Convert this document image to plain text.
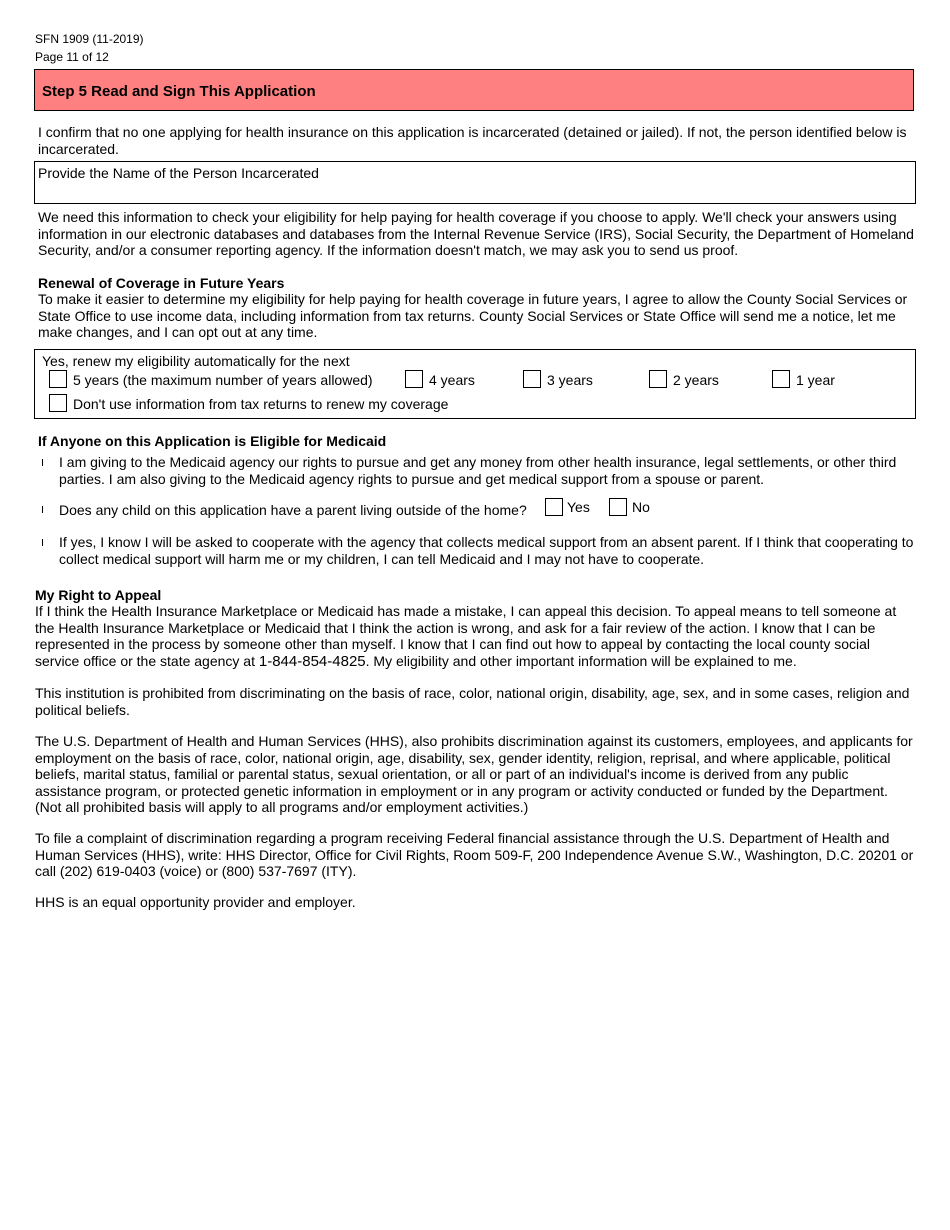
SFN 1909 (11-2019)
Page 11 of 12
Step 5 Read and Sign This Application
I confirm that no one applying for health insurance on this application is incarcerated (detained or jailed). If not, the person identified below is incarcerated.
Provide the Name of the Person Incarcerated
We need this information to check your eligibility for help paying for health coverage if you choose to apply. We'll check your answers using information in our electronic databases and databases from the Internal Revenue Service (IRS), Social Security, the Department of Homeland Security, and/or a consumer reporting agency. If the information doesn't match, we may ask you to send us proof.
Renewal of Coverage in Future Years
To make it easier to determine my eligibility for help paying for health coverage in future years, I agree to allow the County Social Services or State Office to use income data, including information from tax returns. County Social Services or State Office will send me a notice, let me make changes, and I can opt out at any time.
Yes, renew my eligibility automatically for the next
5 years (the maximum number of years allowed)	4 years	3 years	2 years	1 year
Don't use information from tax returns to renew my coverage
If Anyone on this Application is Eligible for Medicaid
I am giving to the Medicaid agency our rights to pursue and get any money from other health insurance, legal settlements, or other third parties. I am also giving to the Medicaid agency rights to pursue and get medical support from a spouse or parent.
Does any child on this application have a parent living outside of the home?	Yes	No
If yes, I know I will be asked to cooperate with the agency that collects medical support from an absent parent. If I think that cooperating to collect medical support will harm me or my children, I can tell Medicaid and I may not have to cooperate.
My Right to Appeal
If I think the Health Insurance Marketplace or Medicaid has made a mistake, I can appeal this decision. To appeal means to tell someone at the Health Insurance Marketplace or Medicaid that I think the action is wrong, and ask for a fair review of the action. I know that I can be represented in the process by someone other than myself. I know that I can find out how to appeal by contacting the local county social service office or the state agency at 1-844-854-4825. My eligibility and other important information will be explained to me.
This institution is prohibited from discriminating on the basis of race, color, national origin, disability, age, sex, and in some cases, religion and political beliefs.
The U.S. Department of Health and Human Services (HHS), also prohibits discrimination against its customers, employees, and applicants for employment on the basis of race, color, national origin, age, disability, sex, gender identity, religion, reprisal, and where applicable, political beliefs, marital status, familial or parental status, sexual orientation, or all or part of an individual's income is derived from any public assistance program, or protected genetic information in employment or in any program or activity conducted or funded by the Department. (Not all prohibited basis will apply to all programs and/or employment activities.)
To file a complaint of discrimination regarding a program receiving Federal financial assistance through the U.S. Department of Health and Human Services (HHS), write: HHS Director, Office for Civil Rights, Room 509-F, 200 Independence Avenue S.W., Washington, D.C. 20201 or call (202) 619-0403 (voice) or (800) 537-7697 (ITY).
HHS is an equal opportunity provider and employer.
